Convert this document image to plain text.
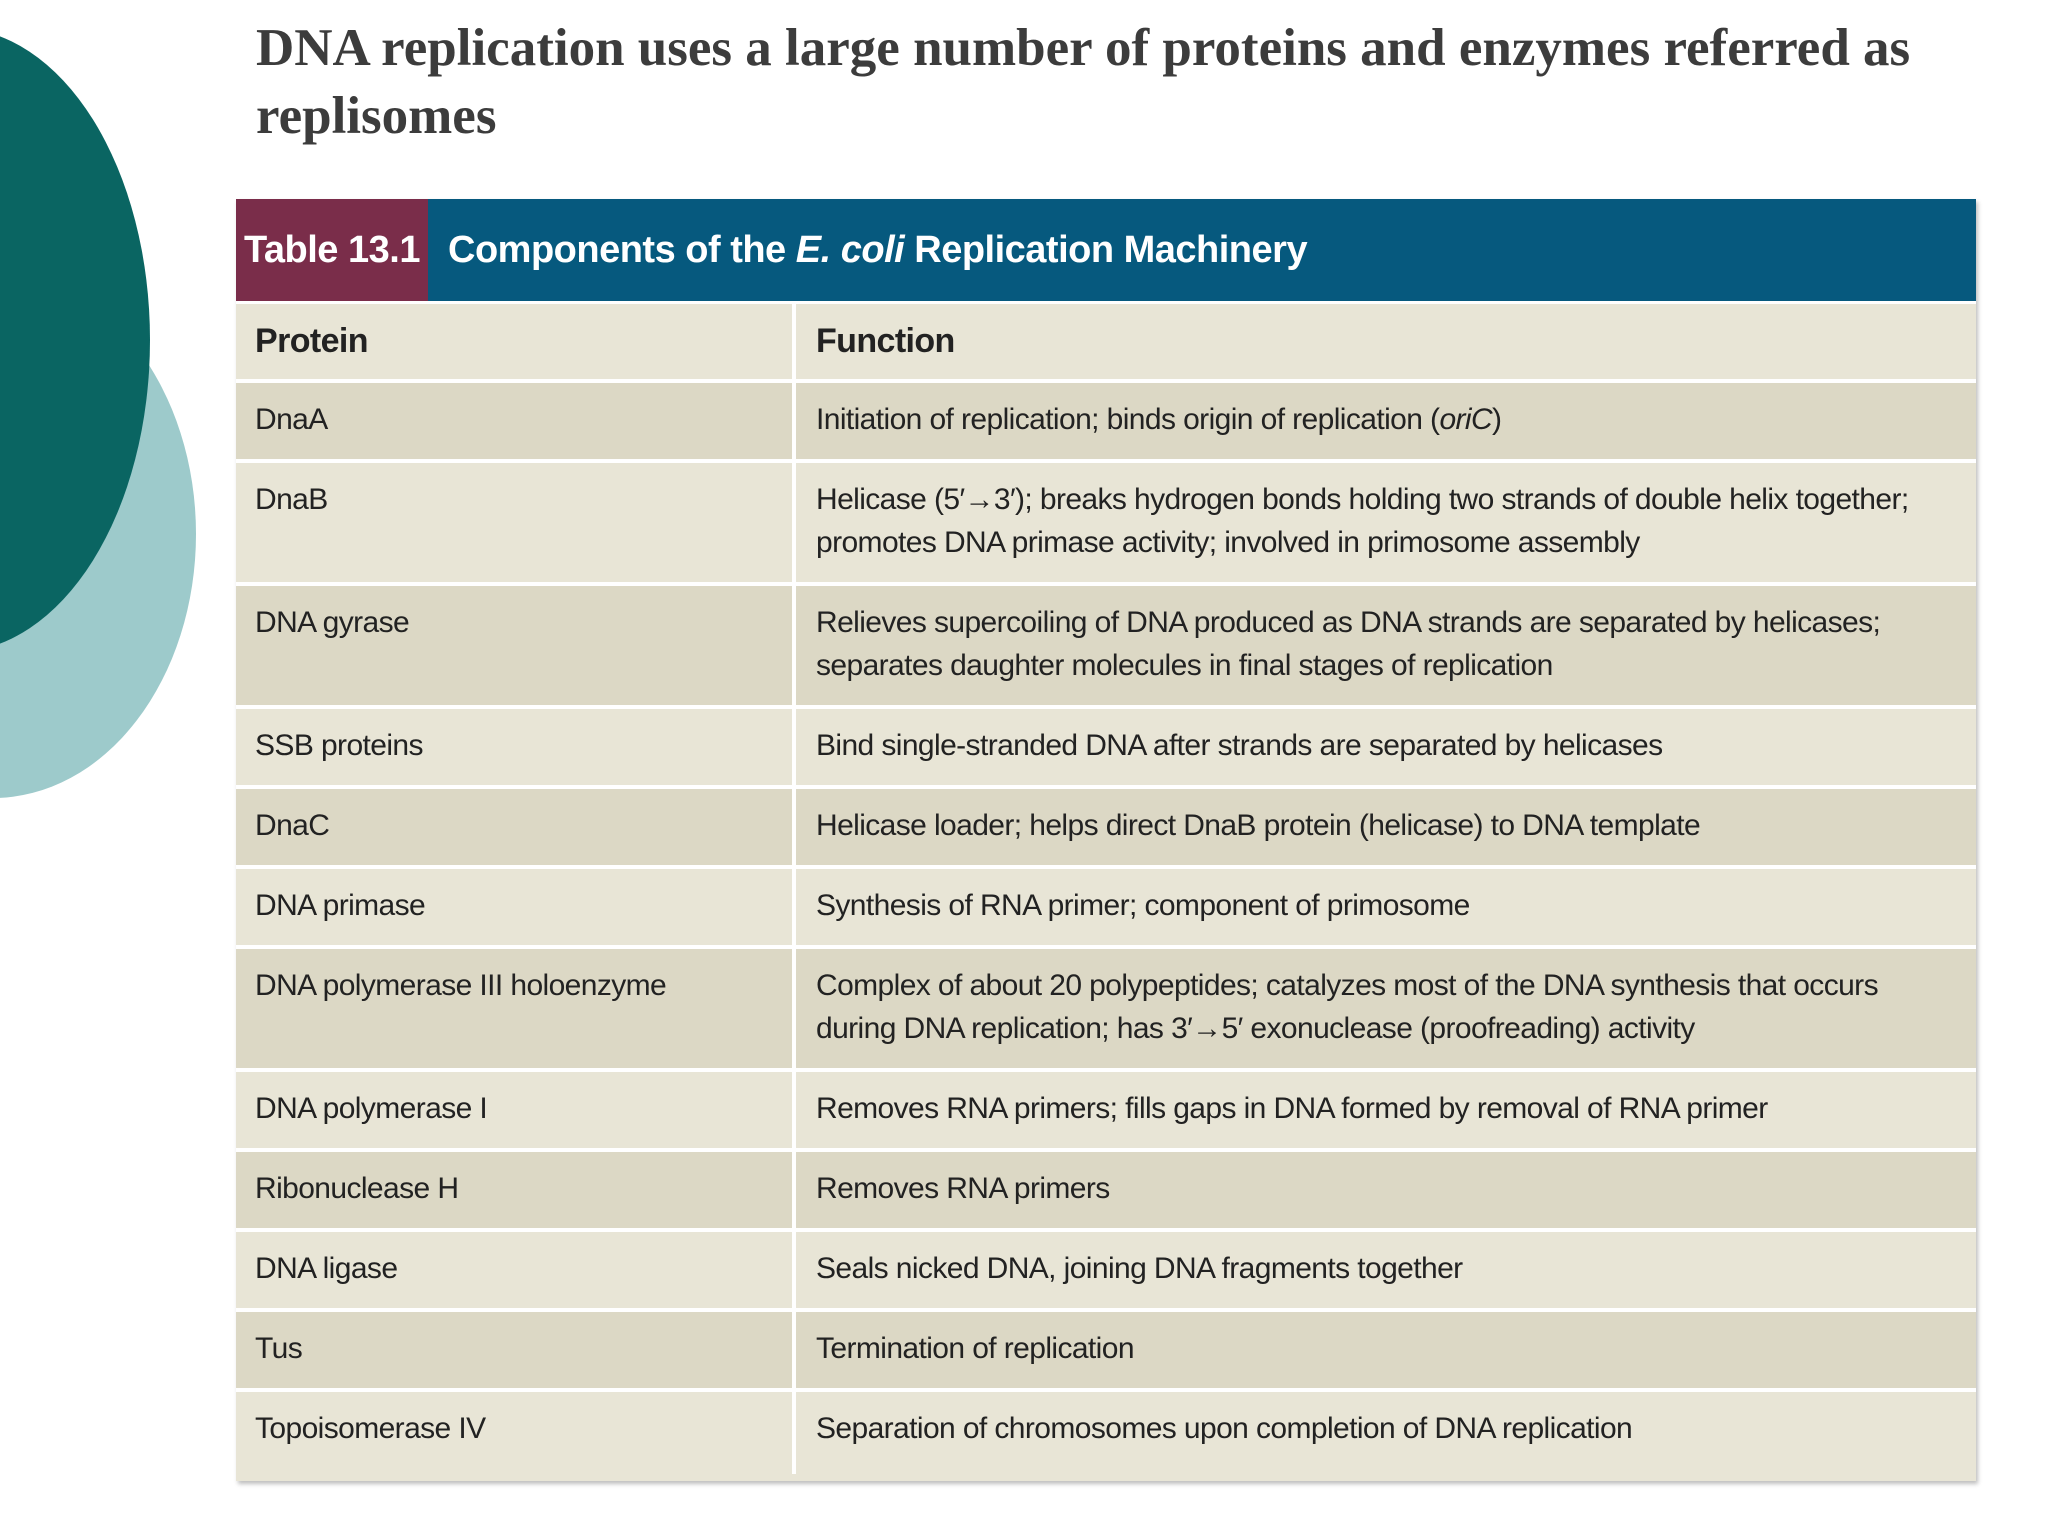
DNA replication uses a large number of proteins and enzymes referred as
replisomes
Table 13.1 Components of the
E. coli
Replication Machinery
Protein	Function
DnaA	Initiation of replication; binds origin of replication (oriC)
DnaB	Helicase (5′→3′); breaks hydrogen bonds holding two strands of double helix together; promotes DNA primase activity; involved in primosome assembly
DNA gyrase	Relieves supercoiling of DNA produced as DNA strands are separated by helicases; separates daughter molecules in final stages of replication
SSB proteins	Bind single-stranded DNA after strands are separated by helicases
DnaC	Helicase loader; helps direct DnaB protein (helicase) to DNA template
DNA primase	Synthesis of RNA primer; component of primosome
DNA polymerase III holoenzyme	Complex of about 20 polypeptides; catalyzes most of the DNA synthesis that occurs during DNA replication; has 3′→5′ exonuclease (proofreading) activity
DNA polymerase I	Removes RNA primers; fills gaps in DNA formed by removal of RNA primer
Ribonuclease H	Removes RNA primers
DNA ligase	Seals nicked DNA, joining DNA fragments together
Tus	Termination of replication
Topoisomerase IV	Separation of chromosomes upon completion of DNA replication
